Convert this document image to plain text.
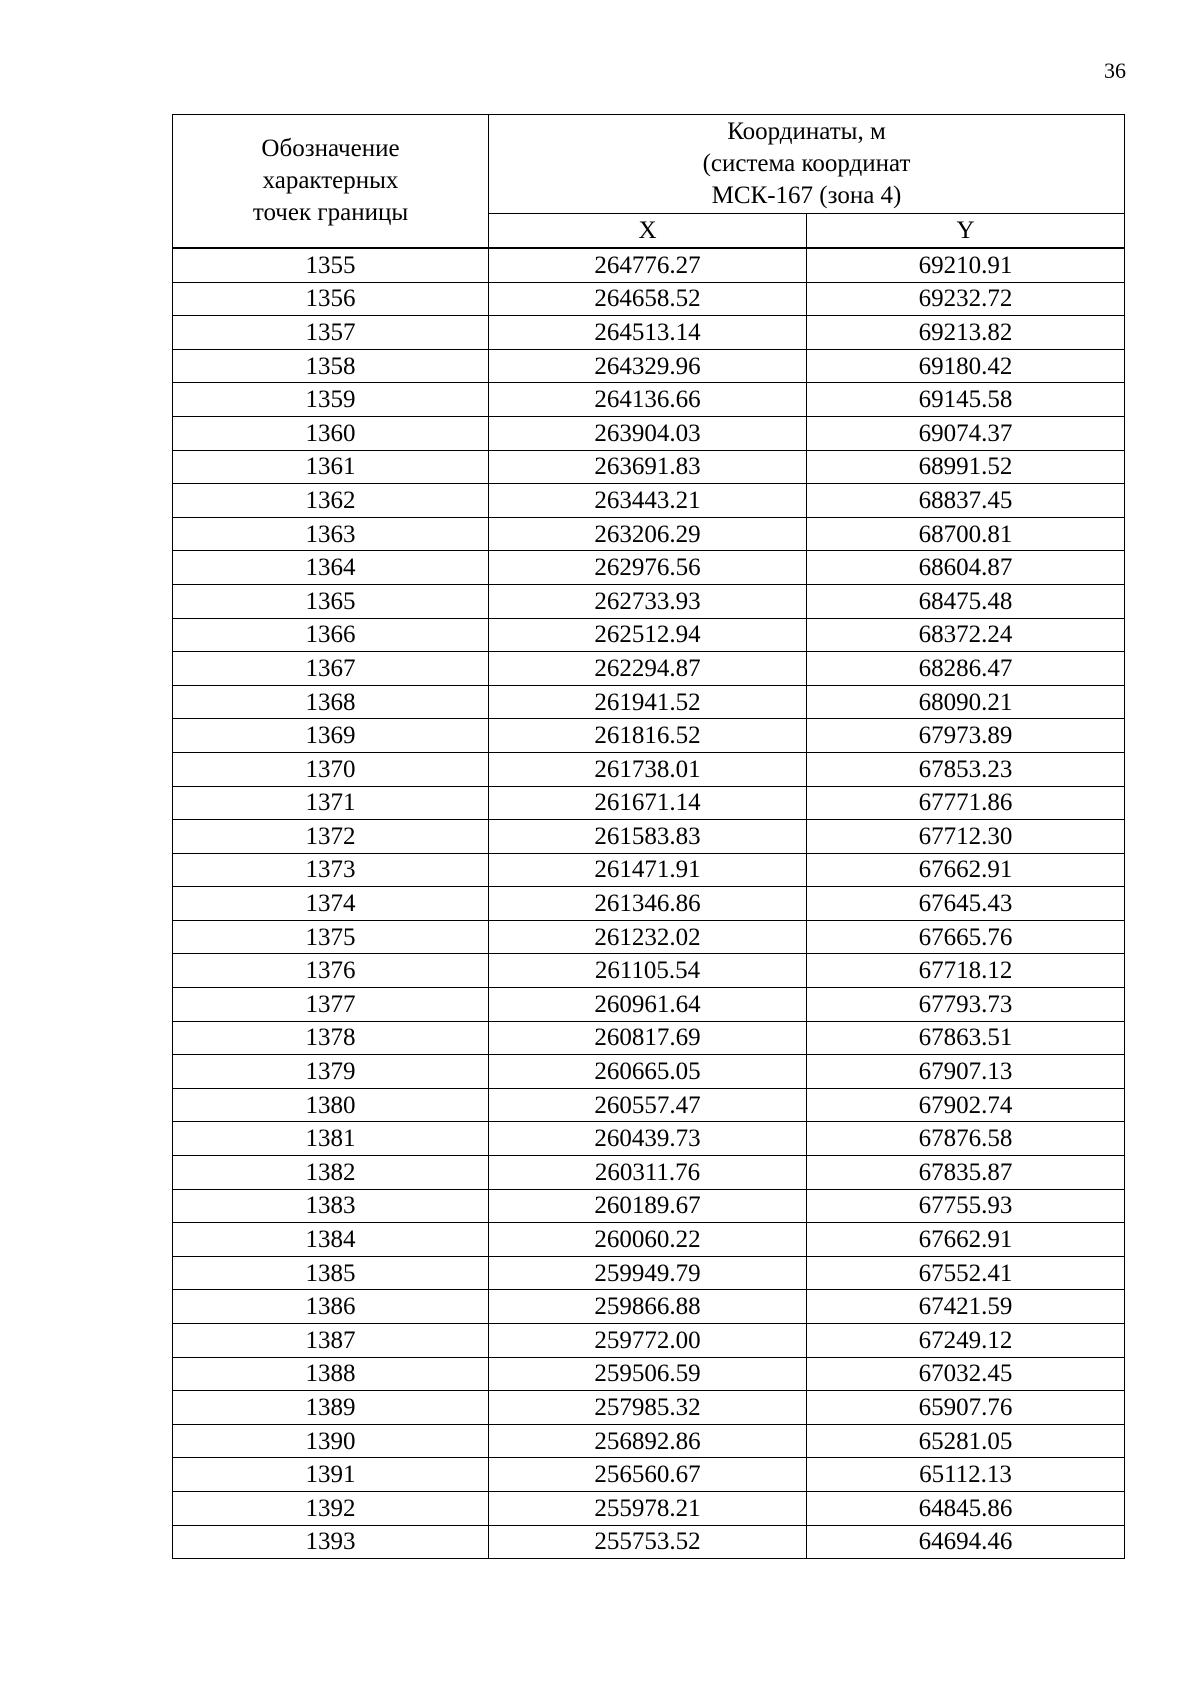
36
Обозначение
характерных
точек границы	Координаты, м
(система координат
МСК-167 (зона 4)	

	X	Y
1355	264776.27	69210.91
1356	264658.52	69232.72
1357	264513.14	69213.82
1358	264329.96	69180.42
1359	264136.66	69145.58
1360	263904.03	69074.37
1361	263691.83	68991.52
1362	263443.21	68837.45
1363	263206.29	68700.81
1364	262976.56	68604.87
1365	262733.93	68475.48
1366	262512.94	68372.24
1367	262294.87	68286.47
1368	261941.52	68090.21
1369	261816.52	67973.89
1370	261738.01	67853.23
1371	261671.14	67771.86
1372	261583.83	67712.30
1373	261471.91	67662.91
1374	261346.86	67645.43
1375	261232.02	67665.76
1376	261105.54	67718.12
1377	260961.64	67793.73
1378	260817.69	67863.51
1379	260665.05	67907.13
1380	260557.47	67902.74
1381	260439.73	67876.58
1382	260311.76	67835.87
1383	260189.67	67755.93
1384	260060.22	67662.91
1385	259949.79	67552.41
1386	259866.88	67421.59
1387	259772.00	67249.12
1388	259506.59	67032.45
1389	257985.32	65907.76
1390	256892.86	65281.05
1391	256560.67	65112.13
1392	255978.21	64845.86
1393	255753.52	64694.46
